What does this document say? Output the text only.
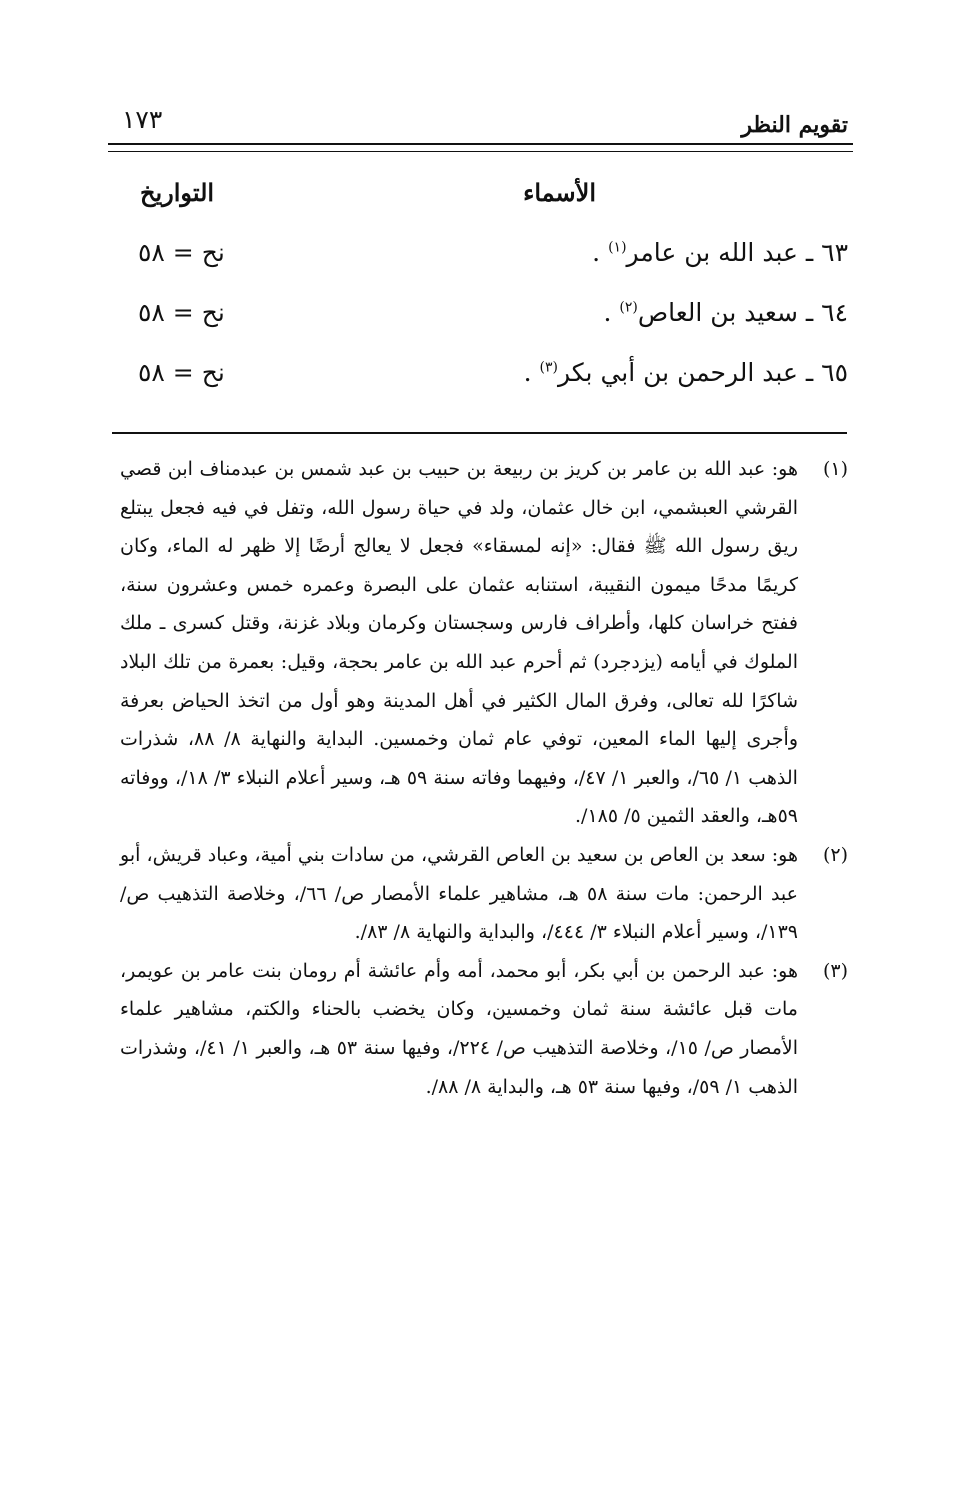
تقويم النظر
١٧٣
الأسماء
التواريخ
٦٣ ـ عبد الله بن عامر$^{(١)}$ .
نح = ٥٨
٦٤ ـ سعيد بن العاص$^{(٢)}$ .
نح = ٥٨
٦٥ ـ عبد الرحمن بن أبي بكر$^{(٣)}$ .
نح = ٥٨
( ١ )
هو: عبد الله بن عامر بن كريز بن ربيعة بن حبيب بن عبد شمس بن عبدمناف ابن قصي القرشي العبشمي، ابن خال عثمان، ولد في حياة رسول الله، وتفل في فيه فجعل يبتلع ريق رسول الله ﷺ فقال: «إنه لمسقاء» فجعل لا يعالج أرضًا إلا ظهر له الماء، وكان كريمًا مدحًا ميمون النقيبة، استنابه عثمان على البصرة وعمره خمس وعشرون سنة، ففتح خراسان كلها، وأطراف فارس وسجستان وكرمان وبلاد غزنة، وقتل كسرى ـ ملك الملوك في أيامه (يزدجرد) ثم أحرم عبد الله بن عامر بحجة، وقيل: بعمرة من تلك البلاد شاكرًا لله تعالى، وفرق المال الكثير في أهل المدينة وهو أول من اتخذ الحياض بعرفة وأجرى إليها الماء المعين، توفي عام ثمان وخمسين. البداية والنهاية ٨/ ٨٨، شذرات الذهب ١/ ٦٥/، والعبر ١/ ٤٧/، وفيهما وفاته سنة ٥٩ هـ، وسير أعلام النبلاء ٣/ ١٨/، ووفاته ٥٩هـ، والعقد الثمين ٥/ ١٨٥/.
( ٢ )
هو: سعد بن العاص بن سعيد بن العاص القرشي، من سادات بني أمية، وعباد قريش، أبو عبد الرحمن: مات سنة ٥٨ هـ، مشاهير علماء الأمصار ص/ ٦٦/، وخلاصة التذهيب ص/ ١٣٩/، وسير أعلام النبلاء ٣/ ٤٤٤/، والبداية والنهاية ٨/ ٨٣/.
( ٣ )
هو: عبد الرحمن بن أبي بكر، أبو محمد، أمه وأم عائشة أم رومان بنت عامر بن عويمر، مات قبل عائشة سنة ثمان وخمسين، وكان يخضب بالحناء والكتم، مشاهير علماء الأمصار ص/ ١٥/، وخلاصة التذهيب ص/ ٢٢٤/، وفيها سنة ٥٣ هـ، والعبر ١/ ٤١/، وشذرات الذهب ١/ ٥٩/، وفيها سنة ٥٣ هـ، والبداية ٨/ ٨٨/.
